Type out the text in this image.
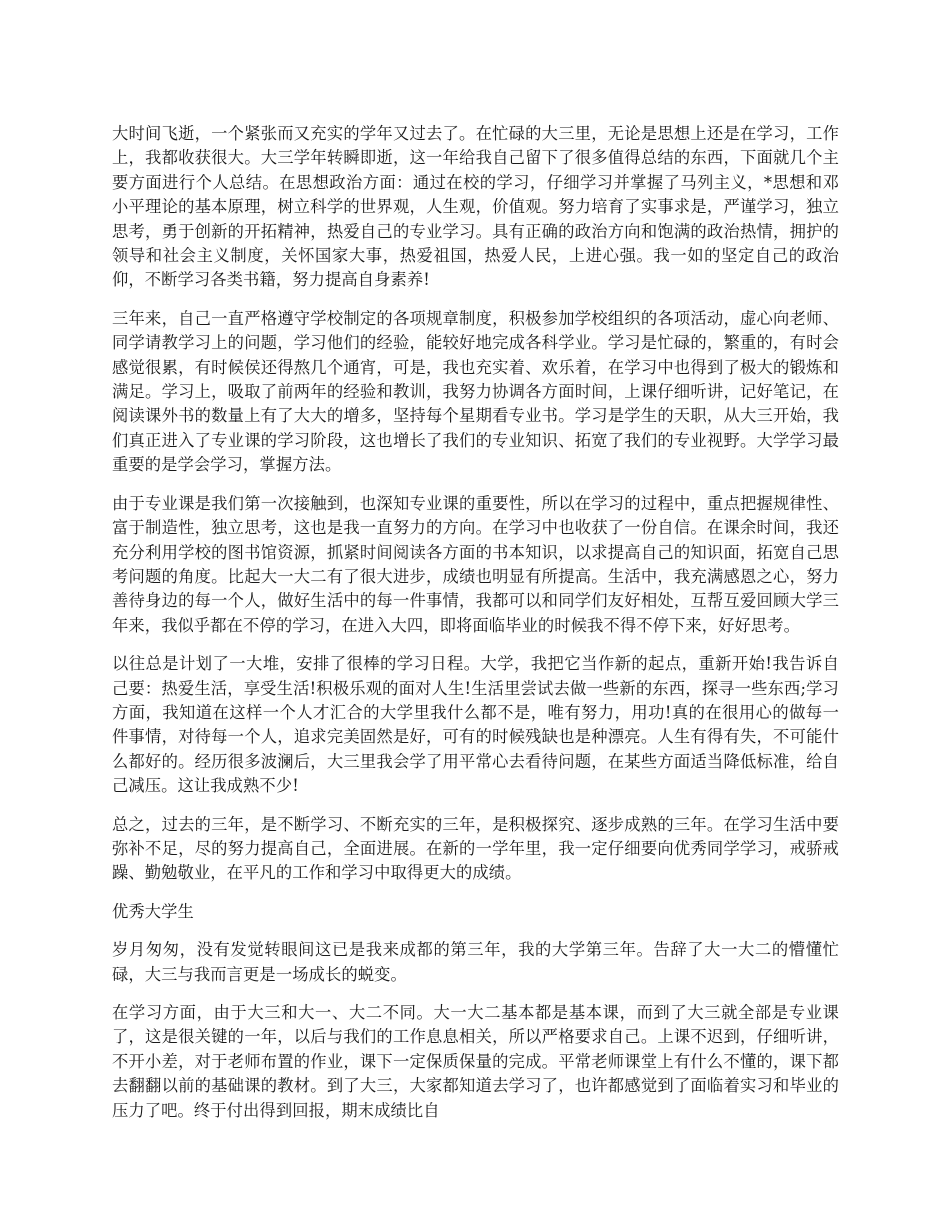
大时间飞逝，一个紧张而又充实的学年又过去了。在忙碌的大三里，无论是思想上还是在学习，工作上，我都收获很大。大三学年转瞬即逝，这一年给我自己留下了很多值得总结的东西，下面就几个主要方面进行个人总结。在思想政治方面：通过在校的学习，仔细学习并掌握了马列主义，*思想和邓小平理论的基本原理，树立科学的世界观，人生观，价值观。努力培育了实事求是，严谨学习，独立思考，勇于创新的开拓精神，热爱自己的专业学习。具有正确的政治方向和饱满的政治热情，拥护的领导和社会主义制度，关怀国家大事，热爱祖国，热爱人民，上进心强。我一如的坚定自己的政治仰，不断学习各类书籍，努力提高自身素养!

三年来，自己一直严格遵守学校制定的各项规章制度，积极参加学校组织的各项活动，虚心向老师、同学请教学习上的问题，学习他们的经验，能较好地完成各科学业。学习是忙碌的，繁重的，有时会感觉很累，有时候侯还得熬几个通宵，可是，我也充实着、欢乐着，在学习中也得到了极大的锻炼和满足。学习上，吸取了前两年的经验和教训，我努力协调各方面时间，上课仔细听讲，记好笔记，在阅读课外书的数量上有了大大的增多，坚持每个星期看专业书。学习是学生的天职，从大三开始，我们真正进入了专业课的学习阶段，这也增长了我们的专业知识、拓宽了我们的专业视野。大学学习最重要的是学会学习，掌握方法。

由于专业课是我们第一次接触到，也深知专业课的重要性，所以在学习的过程中，重点把握规律性、富于制造性，独立思考，这也是我一直努力的方向。在学习中也收获了一份自信。在课余时间，我还充分利用学校的图书馆资源，抓紧时间阅读各方面的书本知识，以求提高自己的知识面，拓宽自己思考问题的角度。比起大一大二有了很大进步，成绩也明显有所提高。生活中，我充满感恩之心，努力善待身边的每一个人，做好生活中的每一件事情，我都可以和同学们友好相处，互帮互爱回顾大学三年来，我似乎都在不停的学习，在进入大四，即将面临毕业的时候我不得不停下来，好好思考。

以往总是计划了一大堆，安排了很棒的学习日程。大学，我把它当作新的起点，重新开始!我告诉自己要：热爱生活，享受生活!积极乐观的面对人生!生活里尝试去做一些新的东西，探寻一些东西;学习方面，我知道在这样一个人才汇合的大学里我什么都不是，唯有努力，用功!真的在很用心的做每一件事情，对待每一个人，追求完美固然是好，可有的时候残缺也是种漂亮。人生有得有失，不可能什么都好的。经历很多波澜后，大三里我会学了用平常心去看待问题，在某些方面适当降低标准，给自己减压。这让我成熟不少!

总之，过去的三年，是不断学习、不断充实的三年，是积极探究、逐步成熟的三年。在学习生活中要弥补不足，尽的努力提高自己，全面进展。在新的一学年里，我一定仔细要向优秀同学学习，戒骄戒躁、勤勉敬业，在平凡的工作和学习中取得更大的成绩。

优秀大学生

岁月匆匆，没有发觉转眼间这已是我来成都的第三年，我的大学第三年。告辞了大一大二的懵懂忙碌，大三与我而言更是一场成长的蜕变。

在学习方面，由于大三和大一、大二不同。大一大二基本都是基本课，而到了大三就全部是专业课了，这是很关键的一年，以后与我们的工作息息相关，所以严格要求自己。上课不迟到，仔细听讲，不开小差，对于老师布置的作业，课下一定保质保量的完成。平常老师课堂上有什么不懂的，课下都去翻翻以前的基础课的教材。到了大三，大家都知道去学习了，也许都感觉到了面临着实习和毕业的压力了吧。终于付出得到回报，期末成绩比自
